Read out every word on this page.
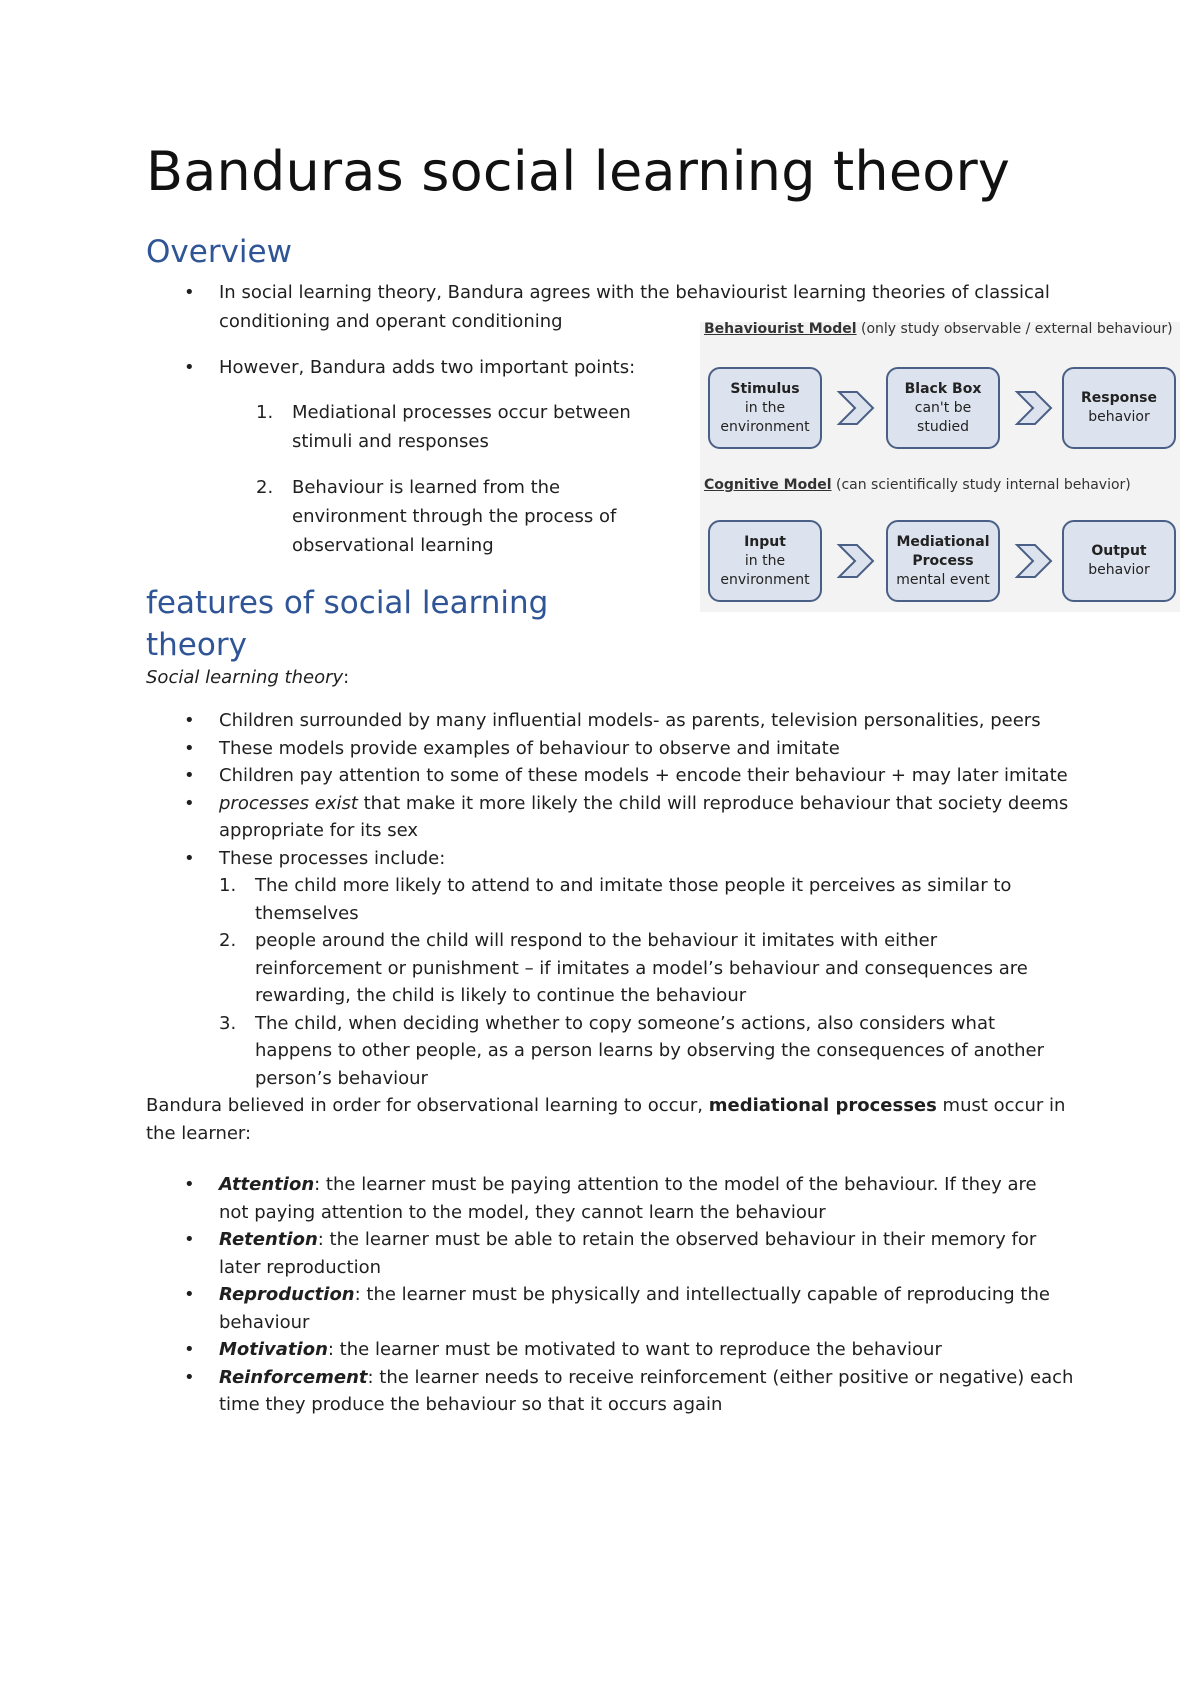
Banduras social learning theory
Overview
• In social learning theory, Bandura agrees with the behaviourist learning theories of classical
conditioning and operant conditioning
• However, Bandura adds two important points:
1. Mediational processes occur between
stimuli and responses
2. Behaviour is learned from the
environment through the process of
observational learning
Behaviourist Model (only study observable / external behaviour)
Stimulus
in the
environment
Black Box
can't be studied
Response
behavior
Cognitive Model (can scientifically study internal behavior)
Input
in the
environment
Mediational
Process
mental event
Output
behavior
features of social learning theory
Social learning theory:
• Children surrounded by many influential models- as parents, television personalities, peers
• These models provide examples of behaviour to observe and imitate
• Children pay attention to some of these models + encode their behaviour + may later imitate
• processes exist that make it more likely the child will reproduce behaviour that society deems
appropriate for its sex
• These processes include:
1. The child more likely to attend to and imitate those people it perceives as similar to
themselves
2. people around the child will respond to the behaviour it imitates with either
reinforcement or punishment – if imitates a model’s behaviour and consequences are
rewarding, the child is likely to continue the behaviour
3. The child, when deciding whether to copy someone’s actions, also considers what
happens to other people, as a person learns by observing the consequences of another
person’s behaviour
Bandura believed in order for observational learning to occur, mediational processes must occur in
the learner:
• Attention: the learner must be paying attention to the model of the behaviour. If they are
not paying attention to the model, they cannot learn the behaviour
• Retention: the learner must be able to retain the observed behaviour in their memory for
later reproduction
• Reproduction: the learner must be physically and intellectually capable of reproducing the
behaviour
• Motivation: the learner must be motivated to want to reproduce the behaviour
• Reinforcement: the learner needs to receive reinforcement (either positive or negative) each
time they produce the behaviour so that it occurs again
